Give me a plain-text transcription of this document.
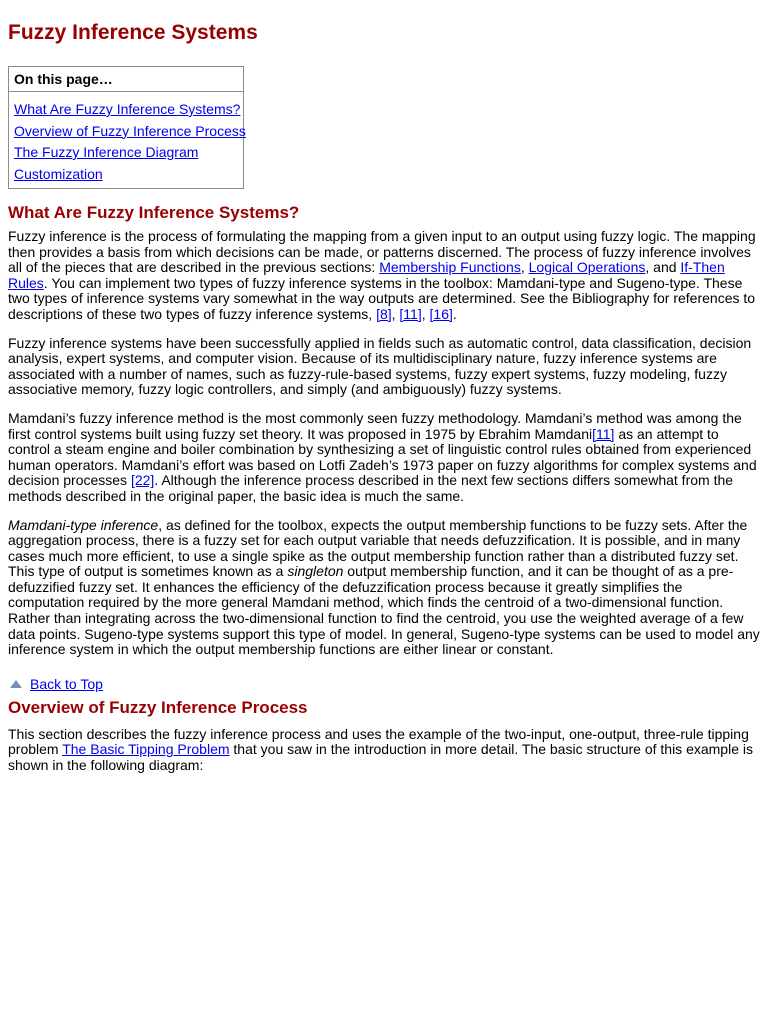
Fuzzy Inference Systems
On this page…
What Are Fuzzy Inference Systems?
Overview of Fuzzy Inference Process
The Fuzzy Inference Diagram
Customization
What Are Fuzzy Inference Systems?

Fuzzy inference is the process of formulating the mapping from a given input to an output using fuzzy logic. The mapping then provides a basis from which decisions can be made, or patterns discerned. The process of fuzzy inference involves all of the pieces that are described in the previous sections: Membership Functions, Logical Operations, and If-Then Rules. You can implement two types of fuzzy inference systems in the toolbox: Mamdani-type and Sugeno-type. These two types of inference systems vary somewhat in the way outputs are determined. See the Bibliography for references to descriptions of these two types of fuzzy inference systems, [8], [11], [16].

Fuzzy inference systems have been successfully applied in fields such as automatic control, data classification, decision analysis, expert systems, and computer vision. Because of its multidisciplinary nature, fuzzy inference systems are associated with a number of names, such as fuzzy-rule-based systems, fuzzy expert systems, fuzzy modeling, fuzzy associative memory, fuzzy logic controllers, and simply (and ambiguously) fuzzy systems.

Mamdani’s fuzzy inference method is the most commonly seen fuzzy methodology. Mamdani’s method was among the first control systems built using fuzzy set theory. It was proposed in 1975 by Ebrahim Mamdani[11] as an attempt to control a steam engine and boiler combination by synthesizing a set of linguistic control rules obtained from experienced human operators. Mamdani’s effort was based on Lotfi Zadeh’s 1973 paper on fuzzy algorithms for complex systems and decision processes [22]. Although the inference process described in the next few sections differs somewhat from the methods described in the original paper, the basic idea is much the same.

Mamdani-type inference, as defined for the toolbox, expects the output membership functions to be fuzzy sets. After the aggregation process, there is a fuzzy set for each output variable that needs defuzzification. It is possible, and in many cases much more efficient, to use a single spike as the output membership function rather than a distributed fuzzy set. This type of output is sometimes known as a singleton output membership function, and it can be thought of as a pre-defuzzified fuzzy set. It enhances the efficiency of the defuzzification process because it greatly simplifies the computation required by the more general Mamdani method, which finds the centroid of a two-dimensional function. Rather than integrating across the two-dimensional function to find the centroid, you use the weighted average of a few data points. Sugeno-type systems support this type of model. In general, Sugeno-type systems can be used to model any inference system in which the output membership functions are either linear or constant.

Back to Top
Overview of Fuzzy Inference Process

This section describes the fuzzy inference process and uses the example of the two-input, one-output, three-rule tipping problem The Basic Tipping Problem that you saw in the introduction in more detail. The basic structure of this example is shown in the following diagram:
